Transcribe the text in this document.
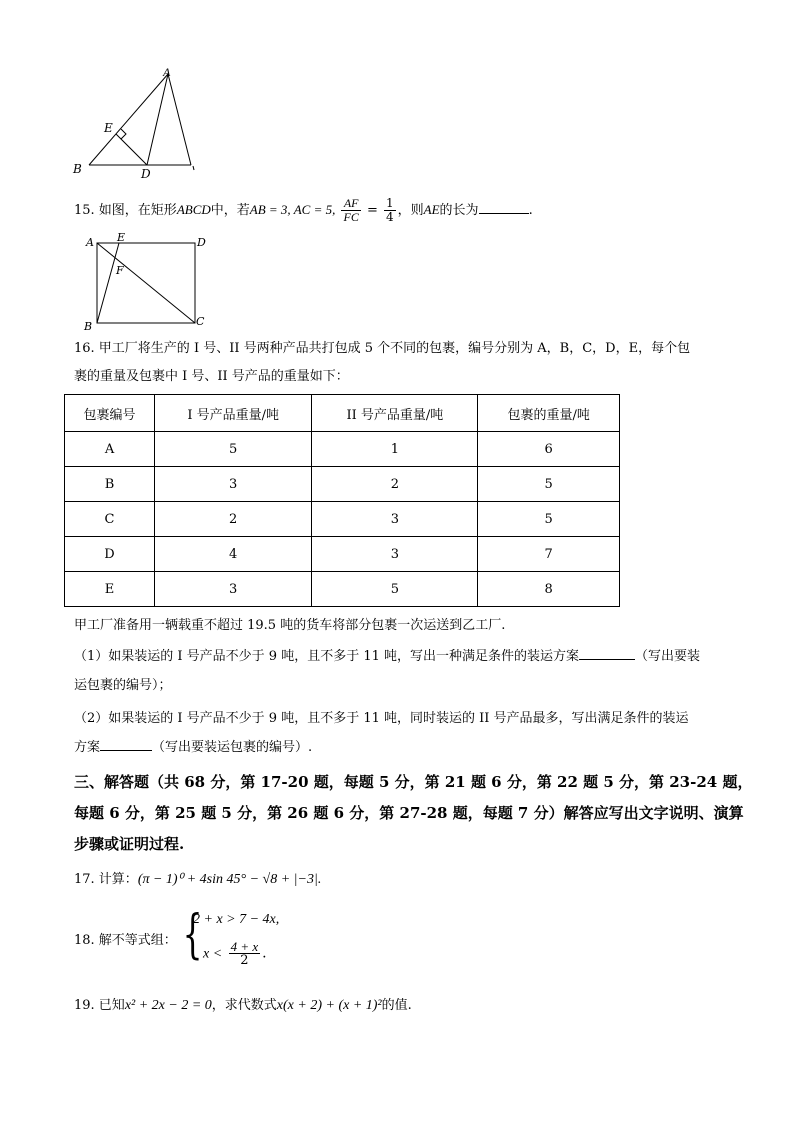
A
E
B	D
15. 如图，在矩形ABCD中，若AB = 3, AC = 5, $\frac{AF}{FC} = \frac{1}{4}$ ，则AE的长为	.
A E	D
F
B	C
16. 甲工厂将生产的 I 号、II 号两种产品共打包成 5 个不同的包裹，编号分别为 A，B，C，D，E，每个包
裹的重量及包裹中 I 号、II 号产品的重量如下：
包裹编号	I 号产品重量/吨	II 号产品重量/吨	包裹的重量/吨
A	5	1	6
B	3	2	5
C	2	3	5
D	4	3	7
E	3	5	8
甲工厂准备用一辆载重不超过 19.5 吨的货车将部分包裹一次运送到乙工厂.
（1）如果装运的 I 号产品不少于 9 吨，且不多于 11 吨，写出一种满足条件的装运方案	（写出要装
运包裹的编号）；
（2）如果装运的 I 号产品不少于 9 吨，且不多于 11 吨，同时装运的 II 号产品最多，写出满足条件的装运
方案	（写出要装运包裹的编号）.
三、解答题（共 68 分，第 17-20 题，每题 5 分，第 21 题 6 分，第 22 题 5 分，第 23-24 题，
每题 6 分，第 25 题 5 分，第 26 题 6 分，第 27-28 题，每题 7 分）解答应写出文字说明、演算
步骤或证明过程.
17. 计算：(π − 1)⁰ + 4sin 45° − √8 + |−3|.
18. 解不等式组： {
2 + x > 7 − 4x,
$x < \frac{4 + x}{2}$ .
19. 已知x² + 2x − 2 = 0，求代数式x(x + 2) + (x + 1)²的值.
